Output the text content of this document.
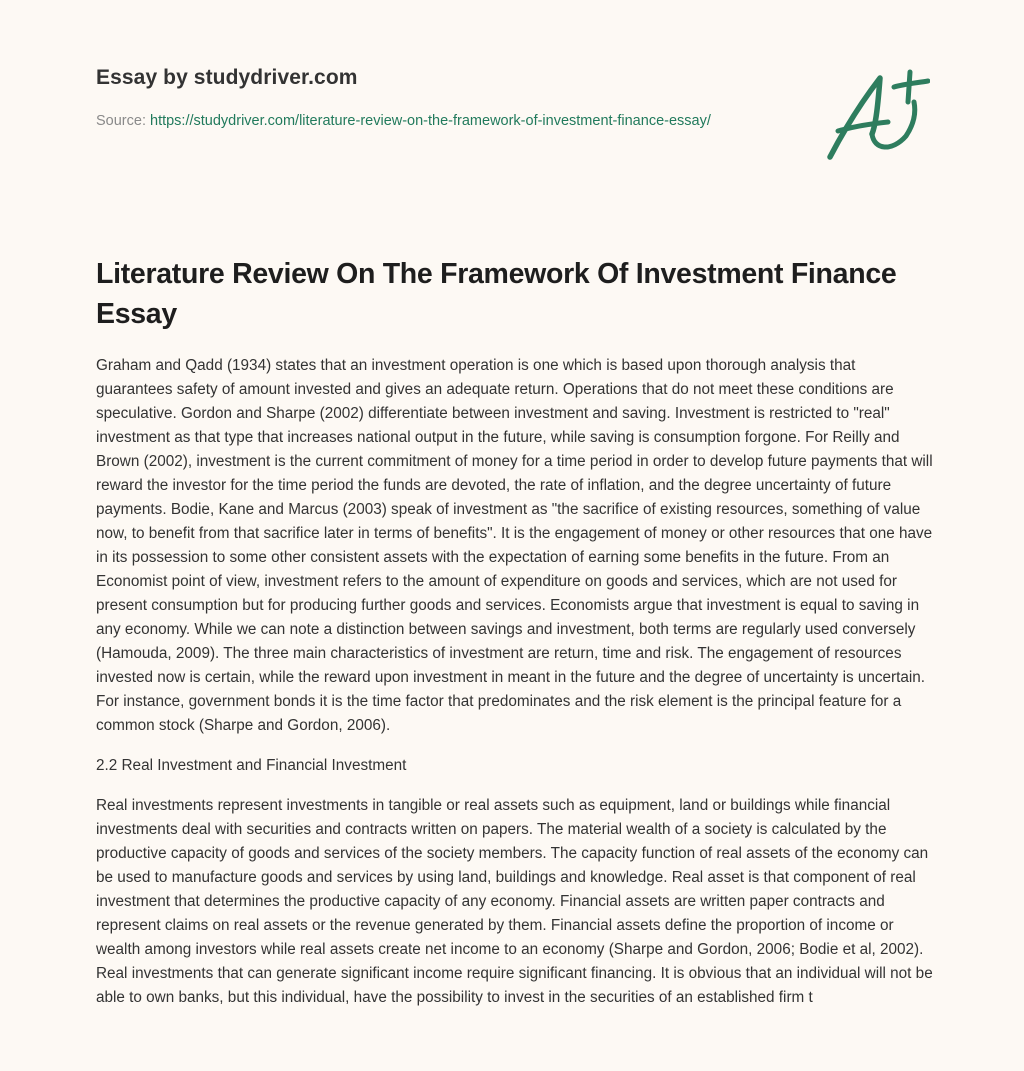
Essay by studydriver.com
Source: https://studydriver.com/literature-review-on-the-framework-of-investment-finance-essay/
Literature Review On The Framework Of Investment Finance Essay

Graham and Qadd (1934) states that an investment operation is one which is based upon thorough analysis that guarantees safety of amount invested and gives an adequate return. Operations that do not meet these conditions are speculative. Gordon and Sharpe (2002) differentiate between investment and saving. Investment is restricted to "real" investment as that type that increases national output in the future, while saving is consumption forgone. For Reilly and Brown (2002), investment is the current commitment of money for a time period in order to develop future payments that will reward the investor for the time period the funds are devoted, the rate of inflation, and the degree uncertainty of future payments. Bodie, Kane and Marcus (2003) speak of investment as "the sacrifice of existing resources, something of value now, to benefit from that sacrifice later in terms of benefits". It is the engagement of money or other resources that one have in its possession to some other consistent assets with the expectation of earning some benefits in the future. From an Economist point of view, investment refers to the amount of expenditure on goods and services, which are not used for present consumption but for producing further goods and services. Economists argue that investment is equal to saving in any economy. While we can note a distinction between savings and investment, both terms are regularly used conversely (Hamouda, 2009). The three main characteristics of investment are return, time and risk. The engagement of resources invested now is certain, while the reward upon investment in meant in the future and the degree of uncertainty is uncertain. For instance, government bonds it is the time factor that predominates and the risk element is the principal feature for a common stock (Sharpe and Gordon, 2006).

2.2 Real Investment and Financial Investment

Real investments represent investments in tangible or real assets such as equipment, land or buildings while financial investments deal with securities and contracts written on papers. The material wealth of a society is calculated by the productive capacity of goods and services of the society members. The capacity function of real assets of the economy can be used to manufacture goods and services by using land, buildings and knowledge. Real asset is that component of real investment that determines the productive capacity of any economy. Financial assets are written paper contracts and represent claims on real assets or the revenue generated by them. Financial assets define the proportion of income or wealth among investors while real assets create net income to an economy (Sharpe and Gordon, 2006; Bodie et al, 2002). Real investments that can generate significant income require significant financing. It is obvious that an individual will not be able to own banks, but this individual, have the possibility to invest in the securities of an established firm t
